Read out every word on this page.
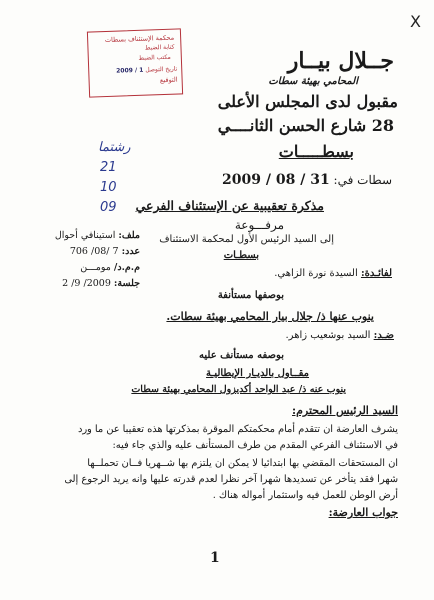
X
محكمة الإستئناف بسطات
كتابة الضبط
مكتب الضبط
تاريخ التوصل 1 / 2009
التوقيع
جــلال بيــار
المحامي بهيئة سطات
مقبول لدى المجلس الأعلى
28 شارع الحسن الثانــــي
بسطـــــات
رشتما
21
10
09
سطات في: 31 / 08 / 2009
مذكرة تعقيبية عن الإستئناف الفرعي
مرفـــوعة
إلى السيد الرئيس الأول لمحكمة الاستئناف
بسطـات
ملف: استينافي أحوال
عدد: 7 /08/ 706
م.م.د/ مومـــن
جلسة: 2009/ 9/ 2
لفائـدة: السيدة نورة الزاهي.
بوصفها مستأنفة
ينوب عنها ذ/ جلال بيار المحامي بهيئة سطات.
ضـد: السيد بوشعيب زاهر.
بوصفه مستأنف عليه
مقــاول بالديـار الإيطاليـة
ينوب عنه ذ/ عبد الواحد أكديزول المحامي بهيئة سطات
السيد الرئيس المحترم:
يشرف العارضة ان تتقدم أمام محكمتكم الموقرة بمذكرتها هذه تعقيبا عن ما ورد
في الاستئناف الفرعي المقدم من طرف المستأنف عليه والذي جاء فيه:
ان المستحقات المقضي بها ابتدائيا لا يمكن ان يلتزم بها شــهريا فــان تحملــها
شهرا فقد يتأخر عن تسديدها شهرا آخر نظرا لعدم قدرته عليها وانه يريد الرجوع إلى
أرض الوطن للعمل فيه واستثمار أمواله هناك .
جواب العارضة:
1
